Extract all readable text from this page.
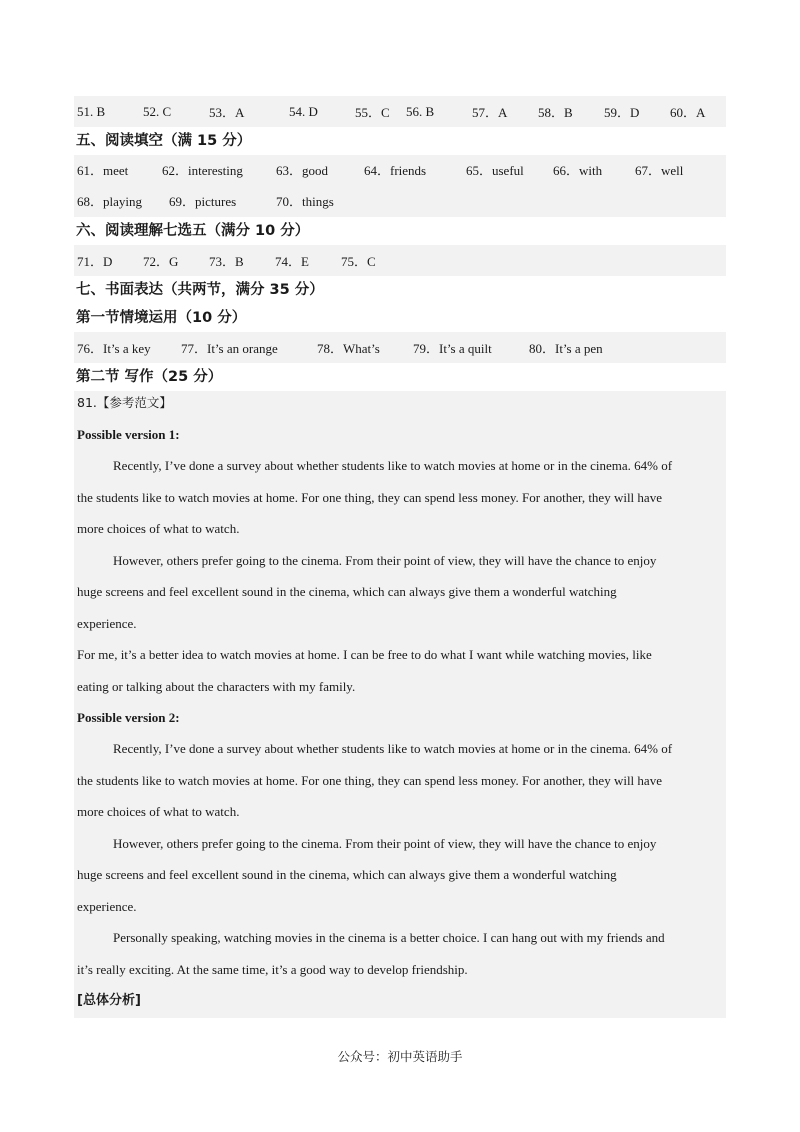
51. B	52. C	53．A	54. D	55．C	56. B	57．A	58．B	59．D	60．A
五、阅读填空（满 15 分）
61．meet	62．interesting	63．good	64．friends	65．useful	66．with	67．well
68．playing	69．pictures	70．things
六、阅读理解七选五（满分 10 分）
71．D	72．G	73．B	74．E	75．C
七、书面表达（共两节，满分 35 分）
第一节情境运用（10 分）
76．It’s a key	77．It’s an orange	78．What’s	79．It’s a quilt	80．It’s a pen
第二节 写作（25 分）
81.【参考范文】
Possible version 1:
Recently, I’ve done a survey about whether students like to watch movies at home or in the cinema. 64% of
the students like to watch movies at home. For one thing, they can spend less money. For another, they will have
more choices of what to watch.
However, others prefer going to the cinema. From their point of view, they will have the chance to enjoy
huge screens and feel excellent sound in the cinema, which can always give them a wonderful watching
experience.
For me, it’s a better idea to watch movies at home. I can be free to do what I want while watching movies, like
eating or talking about the characters with my family.
Possible version 2:
Recently, I’ve done a survey about whether students like to watch movies at home or in the cinema. 64% of
the students like to watch movies at home. For one thing, they can spend less money. For another, they will have
more choices of what to watch.
However, others prefer going to the cinema. From their point of view, they will have the chance to enjoy
huge screens and feel excellent sound in the cinema, which can always give them a wonderful watching
experience.
Personally speaking, watching movies in the cinema is a better choice. I can hang out with my friends and
it’s really exciting. At the same time, it’s a good way to develop friendship.
[总体分析]
公众号：初中英语助手
